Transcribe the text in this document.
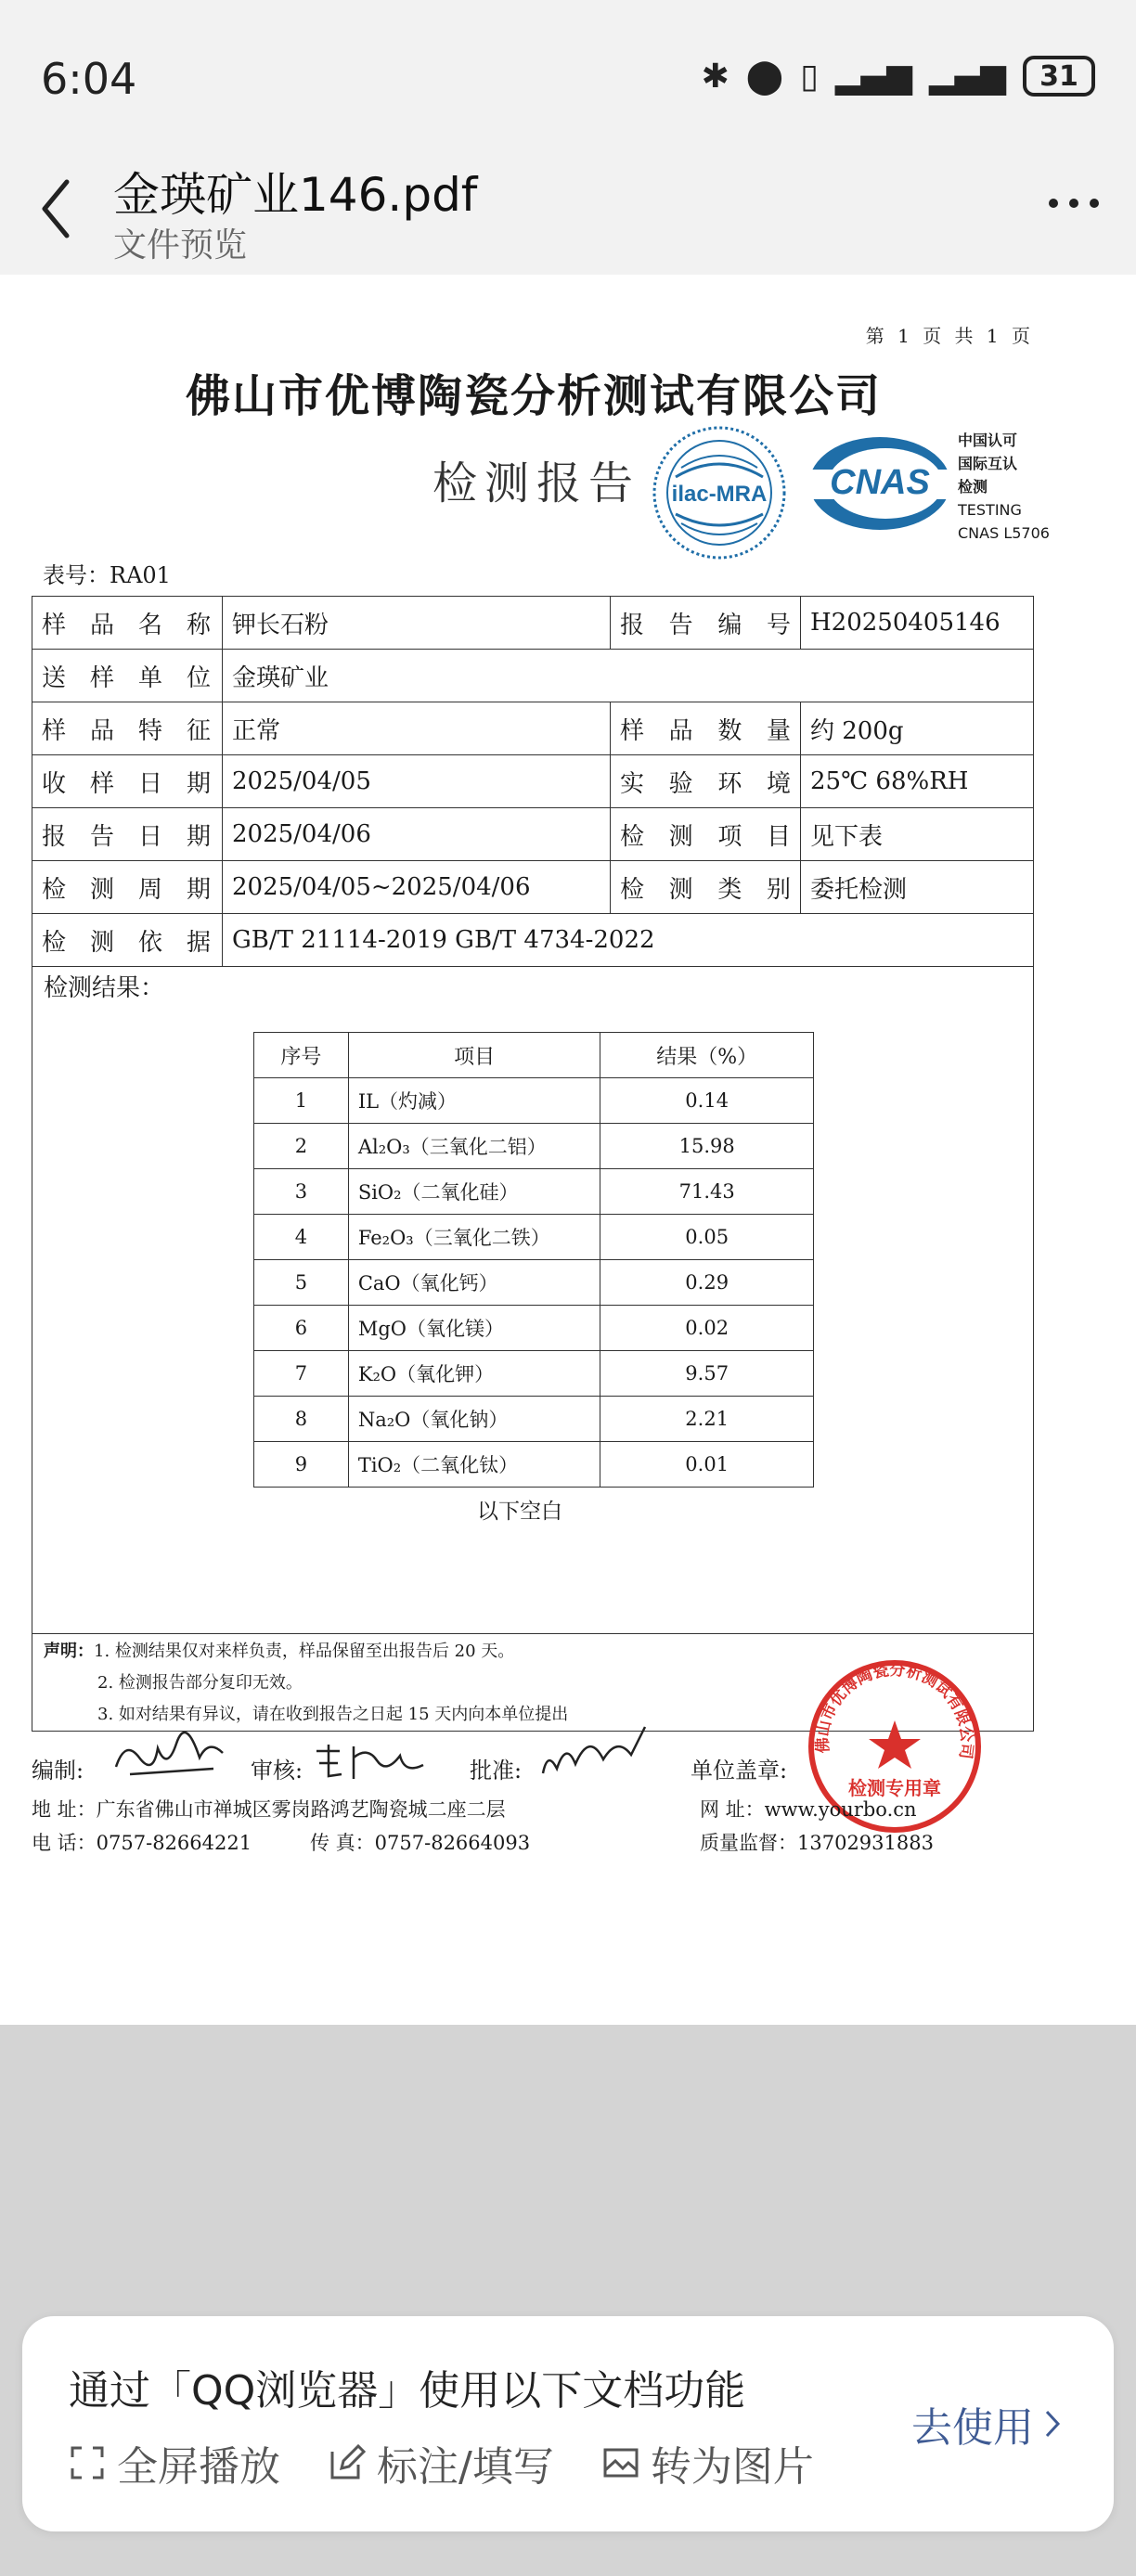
6:04	✱ ⬤ ▯ ▂▄▆ ▂▄▆	31
金瑛矿业146.pdf
文件预览
第 1 页 共 1 页
佛山市优博陶瓷分析测试有限公司
检测报告 ilac-MRA CNAS
中国认可
国际互认
检测
TESTING
CNAS L5706
表号：RA01
样品名称	钾长石粉	报告编号	H20250405146
送样单位	金瑛矿业		
样品特征	正常	样品数量	约 200g
收样日期	2025/04/05	实验环境	25℃ 68%RH
报告日期	2025/04/06	检测项目	见下表
检测周期	2025/04/05~2025/04/06	检测类别	委托检测
检测依据	GB/T 21114-2019 GB/T 4734-2022		
检测结果：
序号	项目	结果（%）
1	IL（灼减）	0.14
2	Al₂O₃（三氧化二铝）	15.98
3	SiO₂（二氧化硅）	71.43
4	Fe₂O₃（三氧化二铁）	0.05
5	CaO（氧化钙）	0.29
6	MgO（氧化镁）	0.02
7	K₂O（氧化钾）	9.57
8	Na₂O（氧化钠）	2.21
9	TiO₂（二氧化钛）	0.01
以下空白
声明：1. 检测结果仅对来样负责，样品保留至出报告后 20 天。
2. 检测报告部分复印无效。
3. 如对结果有异议，请在收到报告之日起 15 天内向本单位提出
编制:	审核:	批准:	单位盖章:
佛山市优博陶瓷分析测试有限公司
检测专用章
地 址：广东省佛山市禅城区雾岗路鸿艺陶瓷城二座二层	网 址：www.yourbo.cn
电 话：0757-82664221	传 真：0757-82664093	质量监督：13702931883
通过「QQ浏览器」使用以下文档功能
全屏播放 标注/填写 转为图片
去使用
